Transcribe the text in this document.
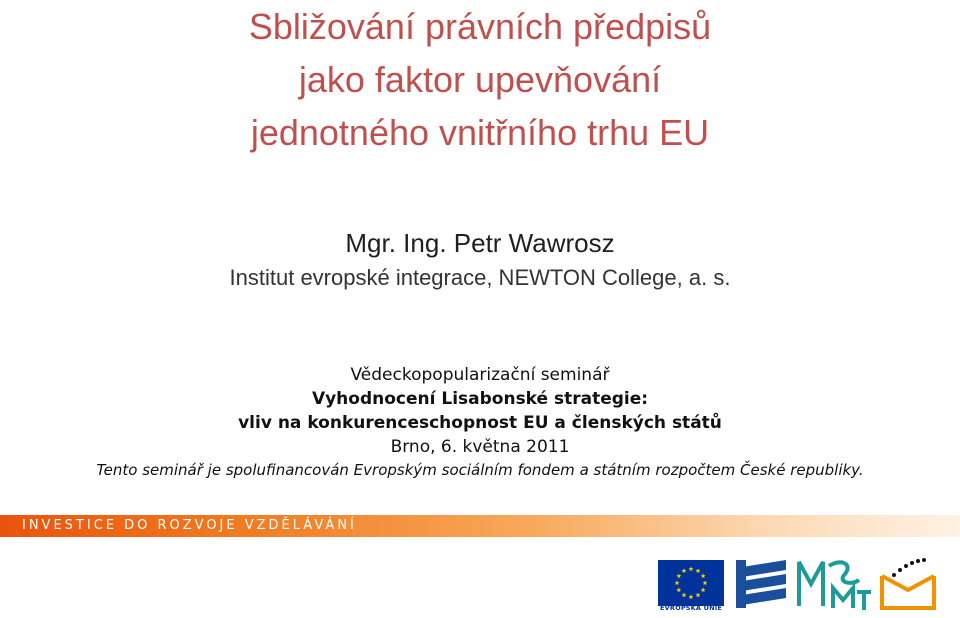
Sbližování právních předpisů
jako faktor upevňování
jednotného vnitřního trhu EU
Mgr. Ing. Petr Wawrosz
Institut evropské integrace, NEWTON College, a. s.
Vědeckopopularizační seminář
Vyhodnocení Lisabonské strategie:
vliv na konkurenceschopnost EU a členských států
Brno, 6. května 2011
Tento seminář je spolufinancován Evropským sociálním fondem a státním rozpočtem České republiky.
INVESTICE DO ROZVOJE VZDĚLÁVÁNÍ
EVROPSKÁ UNIE
